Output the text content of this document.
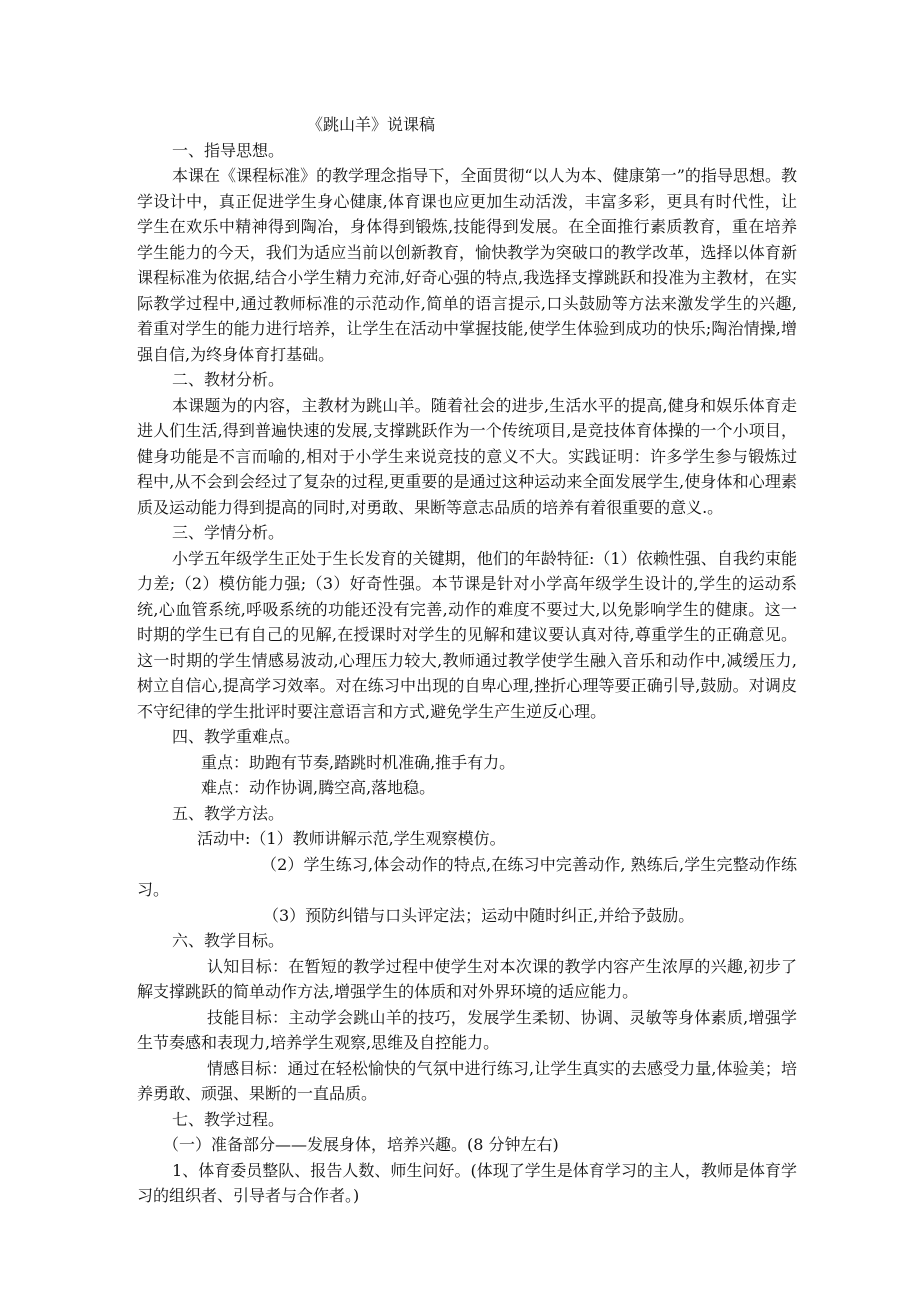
《跳山羊》说课稿

一、指导思想。

本课在《课程标准》的教学理念指导下，全面贯彻“以人为本、健康第一”的指导思想。教学设计中，真正促进学生身心健康,体育课也应更加生动活泼，丰富多彩，更具有时代性，让学生在欢乐中精神得到陶冶，身体得到锻炼,技能得到发展。在全面推行素质教育，重在培养学生能力的今天，我们为适应当前以创新教育，愉快教学为突破口的教学改革，选择以体育新课程标准为依据,结合小学生精力充沛,好奇心强的特点,我选择支撑跳跃和投准为主教材，在实际教学过程中,通过教师标准的示范动作,简单的语言提示,口头鼓励等方法来激发学生的兴趣,着重对学生的能力进行培养，让学生在活动中掌握技能,使学生体验到成功的快乐;陶治情操,增强自信,为终身体育打基础。

二、教材分析。

本课题为的内容，主教材为跳山羊。随着社会的进步,生活水平的提高,健身和娱乐体育走进人们生活,得到普遍快速的发展,支撑跳跃作为一个传统项目,是竞技体育体操的一个小项目，健身功能是不言而喻的,相对于小学生来说竞技的意义不大。实践证明：许多学生参与锻炼过程中,从不会到会经过了复杂的过程,更重要的是通过这种运动来全面发展学生,使身体和心理素质及运动能力得到提高的同时,对勇敢、果断等意志品质的培养有着很重要的意义.。

三、学情分析。

小学五年级学生正处于生长发育的关键期，他们的年龄特征:（1）依赖性强、自我约束能力差;（2）模仿能力强;（3）好奇性强。本节课是针对小学高年级学生设计的,学生的运动系统,心血管系统,呼吸系统的功能还没有完善,动作的难度不要过大,以免影响学生的健康。这一时期的学生已有自己的见解,在授课时对学生的见解和建议要认真对待,尊重学生的正确意见。这一时期的学生情感易波动,心理压力较大,教师通过教学使学生融入音乐和动作中,减缓压力,树立自信心,提高学习效率。对在练习中出现的自卑心理,挫折心理等要正确引导,鼓励。对调皮不守纪律的学生批评时要注意语言和方式,避免学生产生逆反心理。

四、教学重难点。

重点：助跑有节奏,踏跳时机准确,推手有力。

难点：动作协调,腾空高,落地稳。

五、教学方法。

活动中:（1）教师讲解示范,学生观察模仿。

（2）学生练习,体会动作的特点,在练习中完善动作, 熟练后,学生完整动作练习。

（3）预防纠错与口头评定法；运动中随时纠正,并给予鼓励。

六、教学目标。

认知目标：在暂短的教学过程中使学生对本次课的教学内容产生浓厚的兴趣,初步了解支撑跳跃的简单动作方法,增强学生的体质和对外界环境的适应能力。

技能目标：主动学会跳山羊的技巧，发展学生柔韧、协调、灵敏等身体素质,增强学生节奏感和表现力,培养学生观察,思维及自控能力。

情感目标：通过在轻松愉快的气氛中进行练习,让学生真实的去感受力量,体验美；培养勇敢、顽强、果断的一直品质。

七、教学过程。

（一）准备部分——发展身体，培养兴趣。(8 分钟左右)

1、体育委员整队、报告人数、师生问好。(体现了学生是体育学习的主人，教师是体育学习的组织者、引导者与合作者。)
